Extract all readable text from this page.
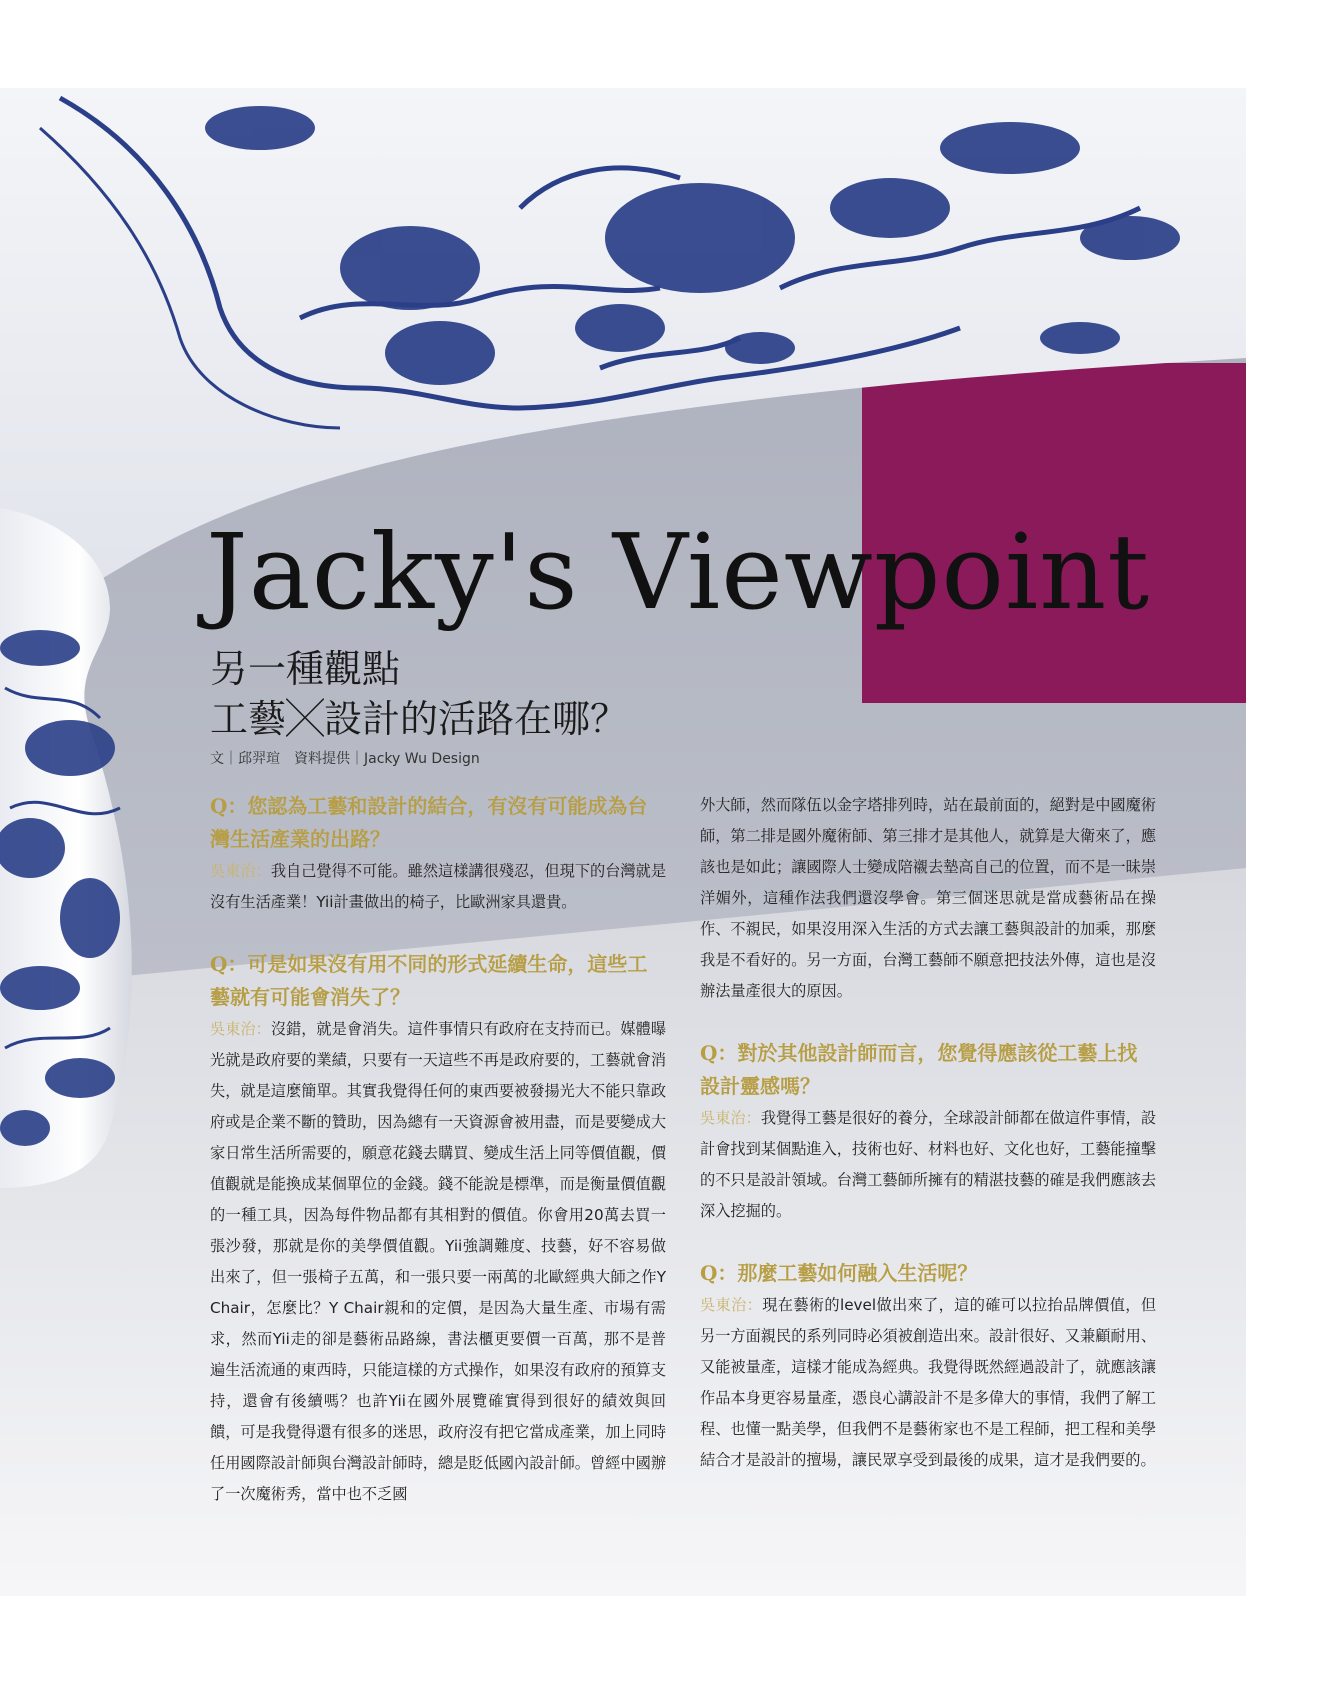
Jacky's Viewpoint
另一種觀點
工藝╳設計的活路在哪？
文｜邱羿瑄　資料提供｜Jacky Wu Design

Q：您認為工藝和設計的結合，有沒有可能成為台灣生活產業的出路？

吳東治：我自己覺得不可能。雖然這樣講很殘忍，但現下的台灣就是沒有生活產業！Yii計畫做出的椅子，比歐洲家具還貴。

Q：可是如果沒有用不同的形式延續生命，這些工藝就有可能會消失了？

吳東治：沒錯，就是會消失。這件事情只有政府在支持而已。媒體曝光就是政府要的業績，只要有一天這些不再是政府要的，工藝就會消失，就是這麼簡單。其實我覺得任何的東西要被發揚光大不能只靠政府或是企業不斷的贊助，因為總有一天資源會被用盡，而是要變成大家日常生活所需要的，願意花錢去購買、變成生活上同等價值觀，價值觀就是能換成某個單位的金錢。錢不能說是標準，而是衡量價值觀的一種工具，因為每件物品都有其相對的價值。你會用20萬去買一張沙發，那就是你的美學價值觀。Yii強調難度、技藝，好不容易做出來了，但一張椅子五萬，和一張只要一兩萬的北歐經典大師之作Y Chair，怎麼比？Y Chair親和的定價，是因為大量生產、市場有需求，然而Yii走的卻是藝術品路線，書法櫃更要價一百萬，那不是普遍生活流通的東西時，只能這樣的方式操作，如果沒有政府的預算支持，還會有後續嗎？也許Yii在國外展覽確實得到很好的績效與回饋，可是我覺得還有很多的迷思，政府沒有把它當成產業，加上同時任用國際設計師與台灣設計師時，總是貶低國內設計師。曾經中國辦了一次魔術秀，當中也不乏國

外大師，然而隊伍以金字塔排列時，站在最前面的，絕對是中國魔術師，第二排是國外魔術師、第三排才是其他人，就算是大衛來了，應該也是如此；讓國際人士變成陪襯去墊高自己的位置，而不是一昧崇洋媚外，這種作法我們還沒學會。第三個迷思就是當成藝術品在操作、不親民，如果沒用深入生活的方式去讓工藝與設計的加乘，那麼我是不看好的。另一方面，台灣工藝師不願意把技法外傳，這也是沒辦法量產很大的原因。

Q：對於其他設計師而言，您覺得應該從工藝上找設計靈感嗎？

吳東治：我覺得工藝是很好的養分，全球設計師都在做這件事情，設計會找到某個點進入，技術也好、材料也好、文化也好，工藝能撞擊的不只是設計領域。台灣工藝師所擁有的精湛技藝的確是我們應該去深入挖掘的。

Q：那麼工藝如何融入生活呢？

吳東治：現在藝術的level做出來了，這的確可以拉抬品牌價值，但另一方面親民的系列同時必須被創造出來。設計很好、又兼顧耐用、又能被量產，這樣才能成為經典。我覺得既然經過設計了，就應該讓作品本身更容易量產，憑良心講設計不是多偉大的事情，我們了解工程、也懂一點美學，但我們不是藝術家也不是工程師，把工程和美學結合才是設計的擅場，讓民眾享受到最後的成果，這才是我們要的。
